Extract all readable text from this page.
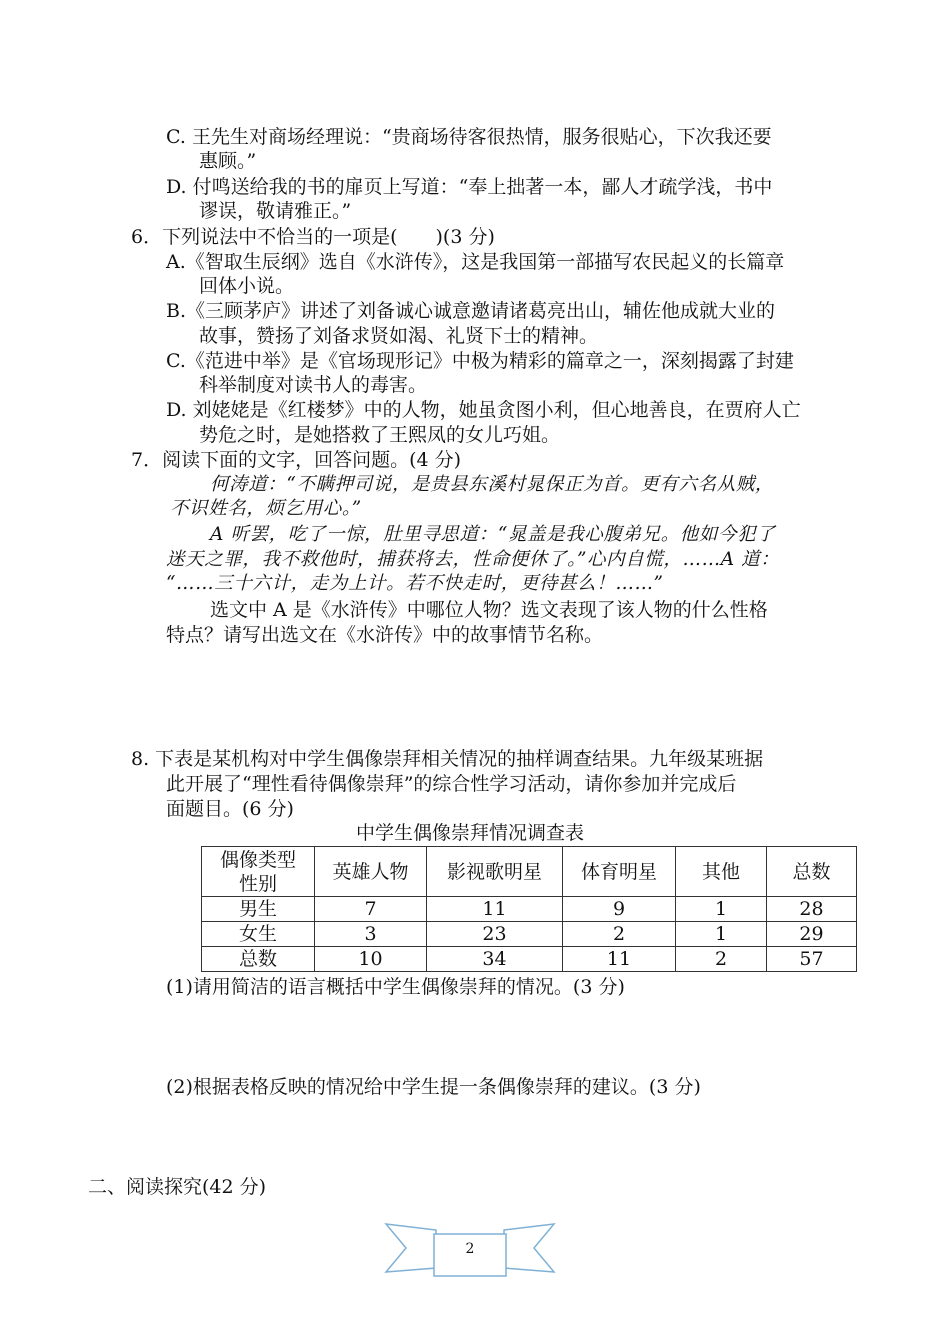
C. 王先生对商场经理说：“贵商场待客很热情，服务很贴心，下次我还要
惠顾。”
D. 付鸣送给我的书的扉页上写道：“奉上拙著一本，鄙人才疏学浅，书中
谬误，敬请雅正。”
6．下列说法中不恰当的一项是(　　)(3 分)
A.《智取生辰纲》选自《水浒传》，这是我国第一部描写农民起义的长篇章
回体小说。
B.《三顾茅庐》讲述了刘备诚心诚意邀请诸葛亮出山，辅佐他成就大业的
故事，赞扬了刘备求贤如渴、礼贤下士的精神。
C.《范进中举》是《官场现形记》中极为精彩的篇章之一，深刻揭露了封建
科举制度对读书人的毒害。
D. 刘姥姥是《红楼梦》中的人物，她虽贪图小利，但心地善良，在贾府人亡
势危之时，是她搭救了王熙凤的女儿巧姐。
7．阅读下面的文字，回答问题。(4 分)
何涛道：“不瞒押司说，是贵县东溪村晁保正为首。更有六名从贼，
不识姓名，烦乞用心。”
A 听罢，吃了一惊，肚里寻思道：“晁盖是我心腹弟兄。他如今犯了
迷天之罪，我不救他时，捕获将去，性命便休了。”心内自慌，……A 道：
“……三十六计，走为上计。若不快走时，更待甚么！……”
选文中 A 是《水浒传》中哪位人物？选文表现了该人物的什么性格
特点？请写出选文在《水浒传》中的故事情节名称。
8. 下表是某机构对中学生偶像崇拜相关情况的抽样调查结果。九年级某班据
此开展了“理性看待偶像崇拜”的综合性学习活动，请你参加并完成后
面题目。(6 分)
中学生偶像崇拜情况调查表
偶像类型
性别	英雄人物	影视歌明星	体育明星	其他	总数
男生	7	11	9	1	28
女生	3	23	2	1	29
总数	10	34	11	2	57
(1)请用简洁的语言概括中学生偶像崇拜的情况。(3 分)
(2)根据表格反映的情况给中学生提一条偶像崇拜的建议。(3 分)
二、阅读探究(42 分)
2
